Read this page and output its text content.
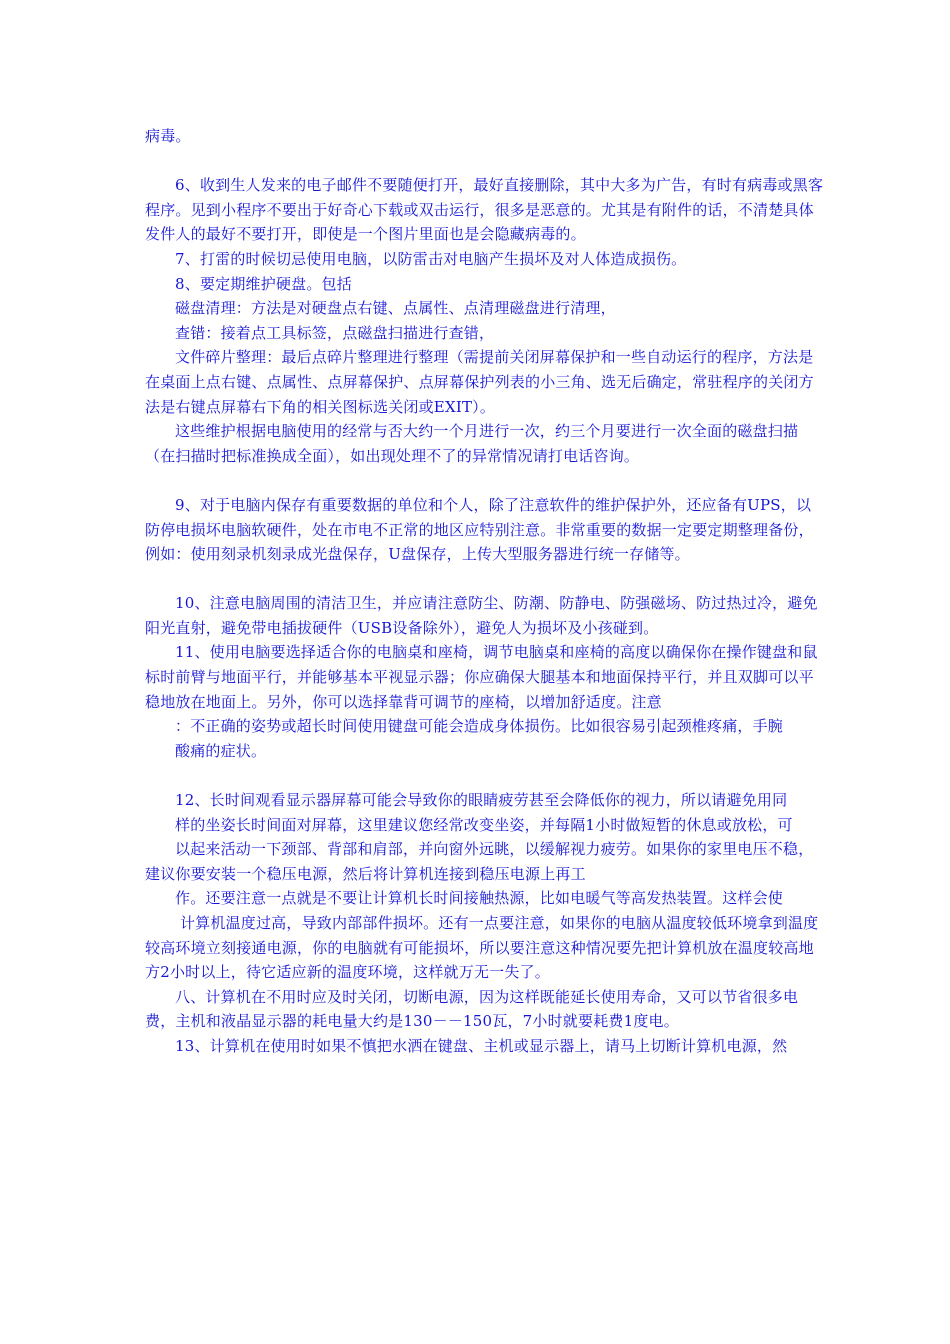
病毒。

6、收到生人发来的电子邮件不要随便打开，最好直接删除，其中大多为广告，有时有病毒或黑客程序。见到小程序不要出于好奇心下载或双击运行，很多是恶意的。尤其是有附件的话，不清楚具体发件人的最好不要打开，即使是一个图片里面也是会隐藏病毒的。

7、打雷的时候切忌使用电脑，以防雷击对电脑产生损坏及对人体造成损伤。

8、要定期维护硬盘。包括

磁盘清理：方法是对硬盘点右键、点属性、点清理磁盘进行清理，

查错：接着点工具标签，点磁盘扫描进行查错，

文件碎片整理：最后点碎片整理进行整理（需提前关闭屏幕保护和一些自动运行的程序，方法是在桌面上点右键、点属性、点屏幕保护、点屏幕保护列表的小三角、选无后确定，常驻程序的关闭方法是右键点屏幕右下角的相关图标选关闭或EXIT）。

这些维护根据电脑使用的经常与否大约一个月进行一次，约三个月要进行一次全面的磁盘扫描（在扫描时把标准换成全面），如出现处理不了的异常情况请打电话咨询。

9、对于电脑内保存有重要数据的单位和个人，除了注意软件的维护保护外，还应备有UPS，以防停电损坏电脑软硬件，处在市电不正常的地区应特别注意。非常重要的数据一定要定期整理备份，例如：使用刻录机刻录成光盘保存，U盘保存，上传大型服务器进行统一存储等。

10、注意电脑周围的清洁卫生，并应请注意防尘、防潮、防静电、防强磁场、防过热过冷，避免阳光直射，避免带电插拔硬件（USB设备除外），避免人为损坏及小孩碰到。

11、使用电脑要选择适合你的电脑桌和座椅，调节电脑桌和座椅的高度以确保你在操作键盘和鼠标时前臂与地面平行，并能够基本平视显示器；你应确保大腿基本和地面保持平行，并且双脚可以平稳地放在地面上。另外，你可以选择靠背可调节的座椅，以增加舒适度。注意

：不正确的姿势或超长时间使用键盘可能会造成身体损伤。比如很容易引起颈椎疼痛，手腕

酸痛的症状。

12、长时间观看显示器屏幕可能会导致你的眼睛疲劳甚至会降低你的视力，所以请避免用同

样的坐姿长时间面对屏幕，这里建议您经常改变坐姿，并每隔1小时做短暂的休息或放松，可

以起来活动一下颈部、背部和肩部，并向窗外远眺，以缓解视力疲劳。如果你的家里电压不稳，建议你要安装一个稳压电源，然后将计算机连接到稳压电源上再工

作。还要注意一点就是不要让计算机长时间接触热源，比如电暖气等高发热装置。这样会使

计算机温度过高，导致内部部件损坏。还有一点要注意，如果你的电脑从温度较低环境拿到温度较高环境立刻接通电源，你的电脑就有可能损坏，所以要注意这种情况要先把计算机放在温度较高地方2小时以上，待它适应新的温度环境，这样就万无一失了。

八、计算机在不用时应及时关闭，切断电源，因为这样既能延长使用寿命，又可以节省很多电费，主机和液晶显示器的耗电量大约是130－－150瓦，7小时就要耗费1度电。

13、计算机在使用时如果不慎把水洒在键盘、主机或显示器上，请马上切断计算机电源，然
